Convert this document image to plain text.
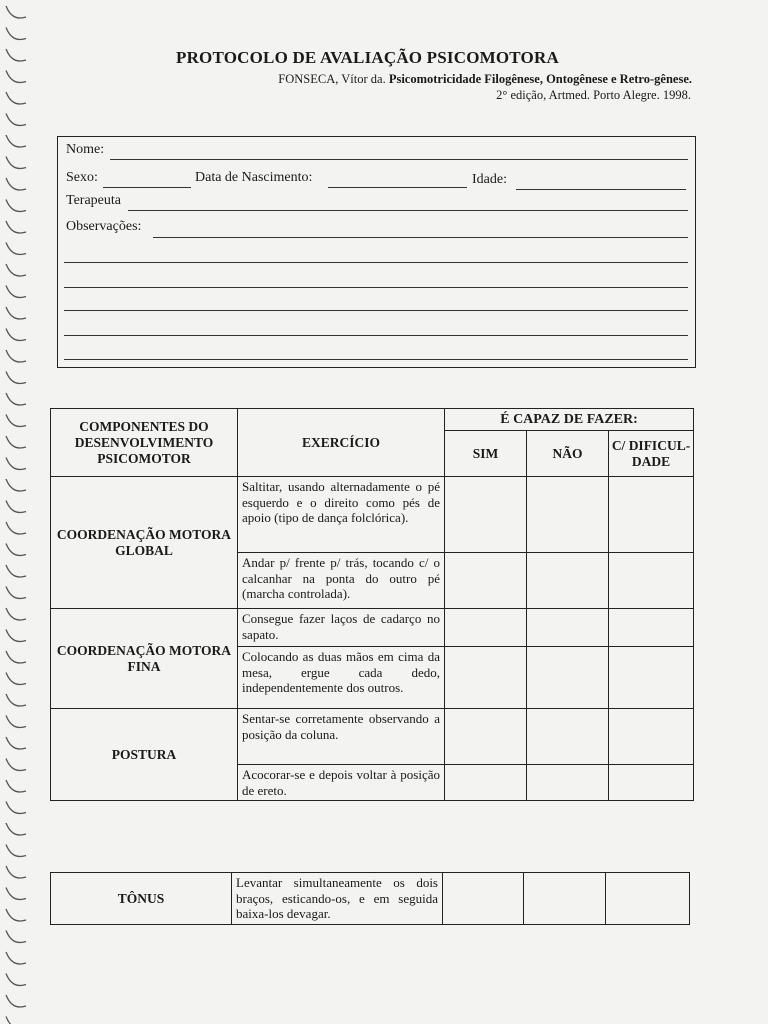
PROTOCOLO DE AVALIAÇÃO PSICOMOTORA
FONSECA, Vítor da. Psicomotricidade Filogênese, Ontogênese e Retro-gênese.
2° edição, Artmed. Porto Alegre. 1998.
Nome:
Sexo:	Data de Nascimento:	Idade:
Terapeuta
Observações:
COMPONENTES DO DESENVOLVIMENTO PSICOMOTOR	EXERCÍCIO	É CAPAZ DE FAZER:		
		SIM	NÃO	C/ DIFICUL-DADE
COORDENAÇÃO MOTORA GLOBAL	Saltitar, usando alternadamente o pé esquerdo e o direito como pés de apoio (tipo de dança folclórica).			
	Andar p/ frente p/ trás, tocando c/ o calcanhar na ponta do outro pé (marcha controlada).			
COORDENAÇÃO MOTORA FINA	Consegue fazer laços de cadarço no sapato.			
	Colocando as duas mãos em cima da mesa, ergue cada dedo, independentemente dos outros.			
POSTURA	Sentar-se corretamente observando a posição da coluna.			
	Acocorar-se e depois voltar à posição de ereto.			
TÔNUS	Levantar simultaneamente os dois braços, esticando-os, e em seguida baixa-los devagar.			
